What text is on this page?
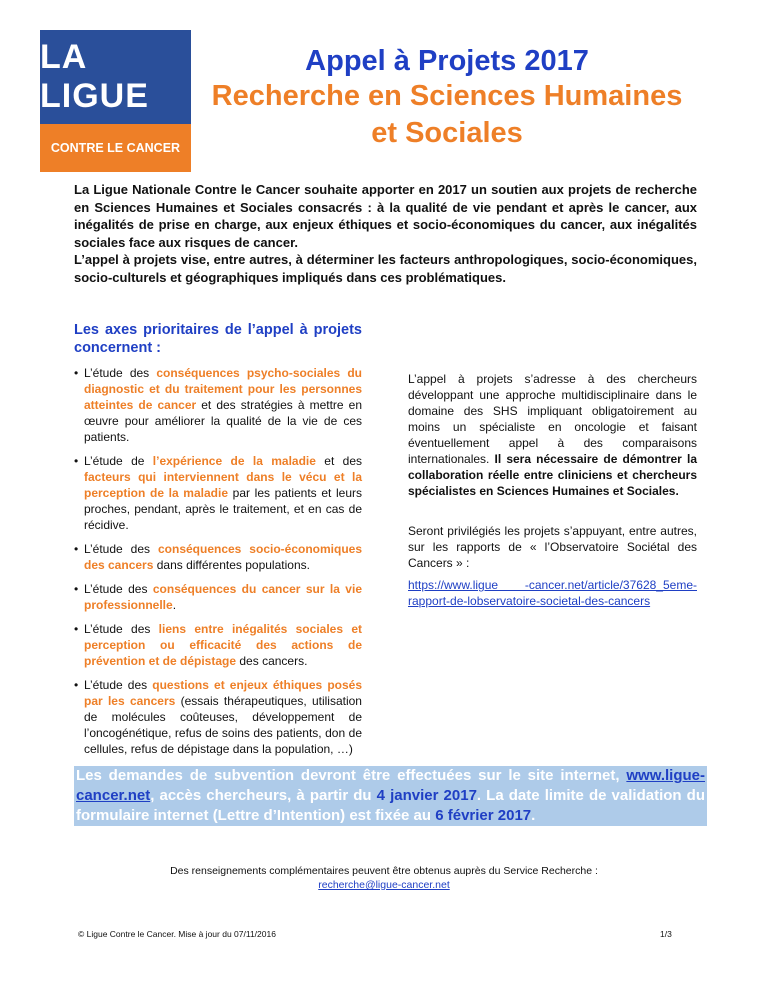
LA LIGUE
CONTRE LE CANCER
Appel à Projets 2017
Recherche en Sciences Humaines
et Sociales

La Ligue Nationale Contre le Cancer souhaite apporter en 2017 un soutien aux projets de recherche en Sciences Humaines et Sociales consacrés : à la qualité de vie pendant et après le cancer, aux inégalités de prise en charge, aux enjeux éthiques et socio-économiques du cancer, aux inégalités sociales face aux risques de cancer.

L’appel à projets vise, entre autres, à déterminer les facteurs anthropologiques, socio-économiques, socio-culturels et géographiques impliqués dans ces problématiques.

Les axes prioritaires de l’appel à projets concernent :
• L’étude des conséquences psycho-sociales du diagnostic et du traitement pour les personnes atteintes de cancer et des stratégies à mettre en œuvre pour améliorer la qualité de la vie de ces patients.
• L’étude de l’expérience de la maladie et des facteurs qui interviennent dans le vécu et la perception de la maladie par les patients et leurs proches, pendant, après le traitement, et en cas de récidive.
• L’étude des conséquences socio-économiques des cancers dans différentes populations.
• L’étude des conséquences du cancer sur la vie professionnelle.
• L’étude des liens entre inégalités sociales et perception ou efficacité des actions de prévention et de dépistage des cancers.
• L’étude des questions et enjeux éthiques posés par les cancers (essais thérapeutiques, utilisation de molécules coûteuses, développement de l’oncogénétique, refus de soins des patients, don de cellules, refus de dépistage dans la population, …)

L’appel à projets s’adresse à des chercheurs développant une approche multidisciplinaire dans le domaine des SHS impliquant obligatoirement au moins un spécialiste en oncologie et faisant éventuellement appel à des comparaisons internationales. Il sera nécessaire de démontrer la collaboration réelle entre cliniciens et chercheurs spécialistes en Sciences Humaines et Sociales.

Seront privilégiés les projets s’appuyant, entre autres, sur les rapports de « l’Observatoire Sociétal des Cancers » :

https://www.ligue -cancer.net/article/37628_5eme-rapport-de-lobservatoire-societal-des-cancers

Les demandes de subvention devront être effectuées sur le site internet, www.ligue-cancer.net, accès chercheurs, à partir du 4 janvier 2017. La date limite de validation du formulaire internet (Lettre d’Intention) est fixée au 6 février 2017.
Des renseignements complémentaires peuvent être obtenus auprès du Service Recherche :
recherche@ligue-cancer.net
© Ligue Contre le Cancer. Mise à jour du 07/11/2016	1/3
